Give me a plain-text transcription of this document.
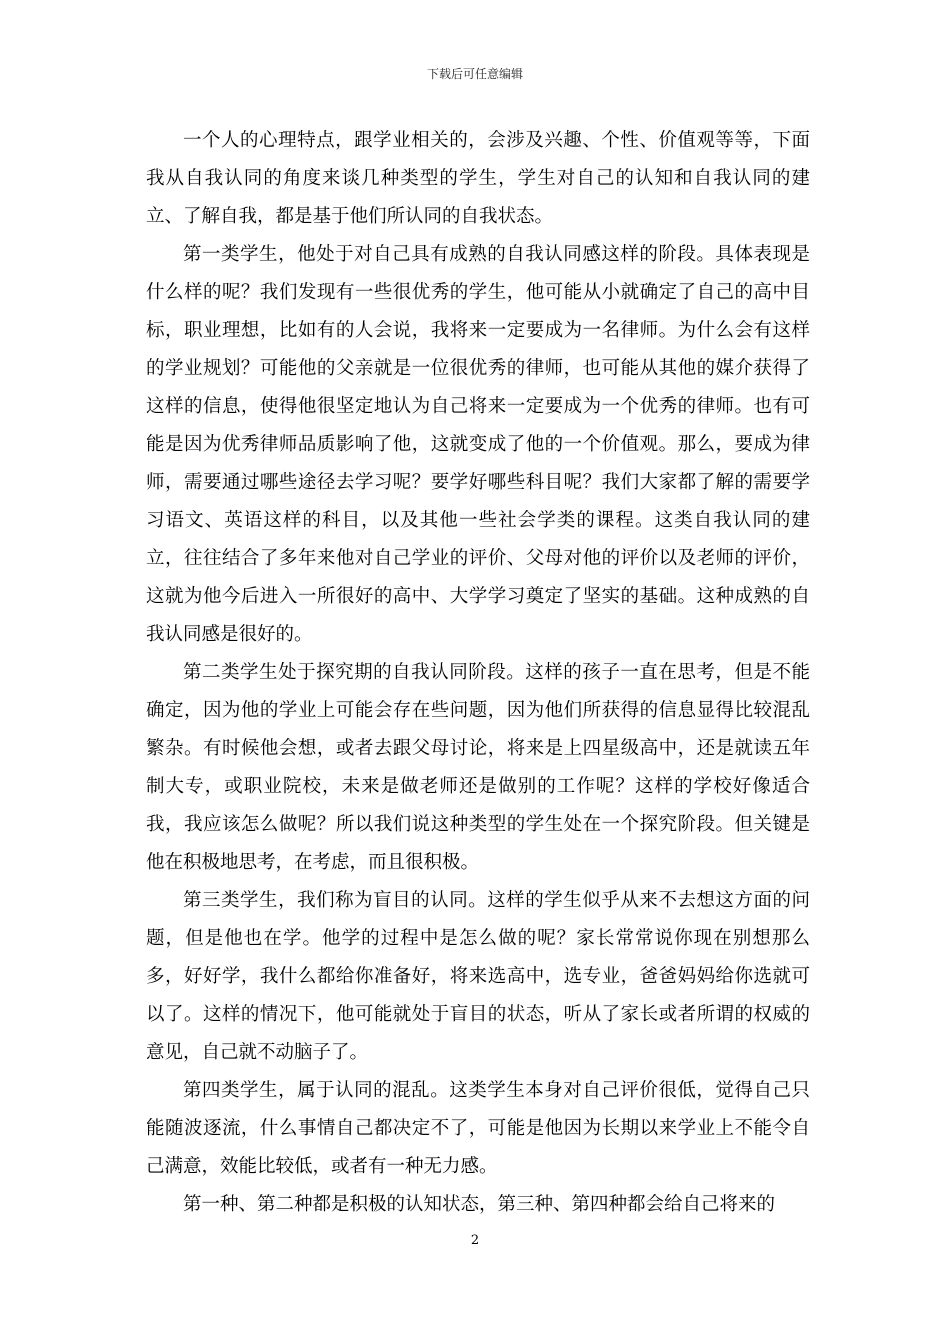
下载后可任意编辑

一个人的心理特点，跟学业相关的，会涉及兴趣、个性、价值观等等，下面我从自我认同的角度来谈几种类型的学生，学生对自己的认知和自我认同的建立、了解自我，都是基于他们所认同的自我状态。

第一类学生，他处于对自己具有成熟的自我认同感这样的阶段。具体表现是什么样的呢？我们发现有一些很优秀的学生，他可能从小就确定了自己的高中目标，职业理想，比如有的人会说，我将来一定要成为一名律师。为什么会有这样的学业规划？可能他的父亲就是一位很优秀的律师，也可能从其他的媒介获得了这样的信息，使得他很坚定地认为自己将来一定要成为一个优秀的律师。也有可能是因为优秀律师品质影响了他，这就变成了他的一个价值观。那么，要成为律师，需要通过哪些途径去学习呢？要学好哪些科目呢？我们大家都了解的需要学习语文、英语这样的科目，以及其他一些社会学类的课程。这类自我认同的建立，往往结合了多年来他对自己学业的评价、父母对他的评价以及老师的评价，这就为他今后进入一所很好的高中、大学学习奠定了坚实的基础。这种成熟的自我认同感是很好的。

第二类学生处于探究期的自我认同阶段。这样的孩子一直在思考，但是不能确定，因为他的学业上可能会存在些问题，因为他们所获得的信息显得比较混乱繁杂。有时候他会想，或者去跟父母讨论，将来是上四星级高中，还是就读五年制大专，或职业院校，未来是做老师还是做别的工作呢？这样的学校好像适合我，我应该怎么做呢？所以我们说这种类型的学生处在一个探究阶段。但关键是他在积极地思考，在考虑，而且很积极。

第三类学生，我们称为盲目的认同。这样的学生似乎从来不去想这方面的问题，但是他也在学。他学的过程中是怎么做的呢？家长常常说你现在别想那么多，好好学，我什么都给你准备好，将来选高中，选专业，爸爸妈妈给你选就可以了。这样的情况下，他可能就处于盲目的状态，听从了家长或者所谓的权威的意见，自己就不动脑子了。

第四类学生，属于认同的混乱。这类学生本身对自己评价很低，觉得自己只能随波逐流，什么事情自己都决定不了，可能是他因为长期以来学业上不能令自己满意，效能比较低，或者有一种无力感。

第一种、第二种都是积极的认知状态，第三种、第四种都会给自己将来的

2
